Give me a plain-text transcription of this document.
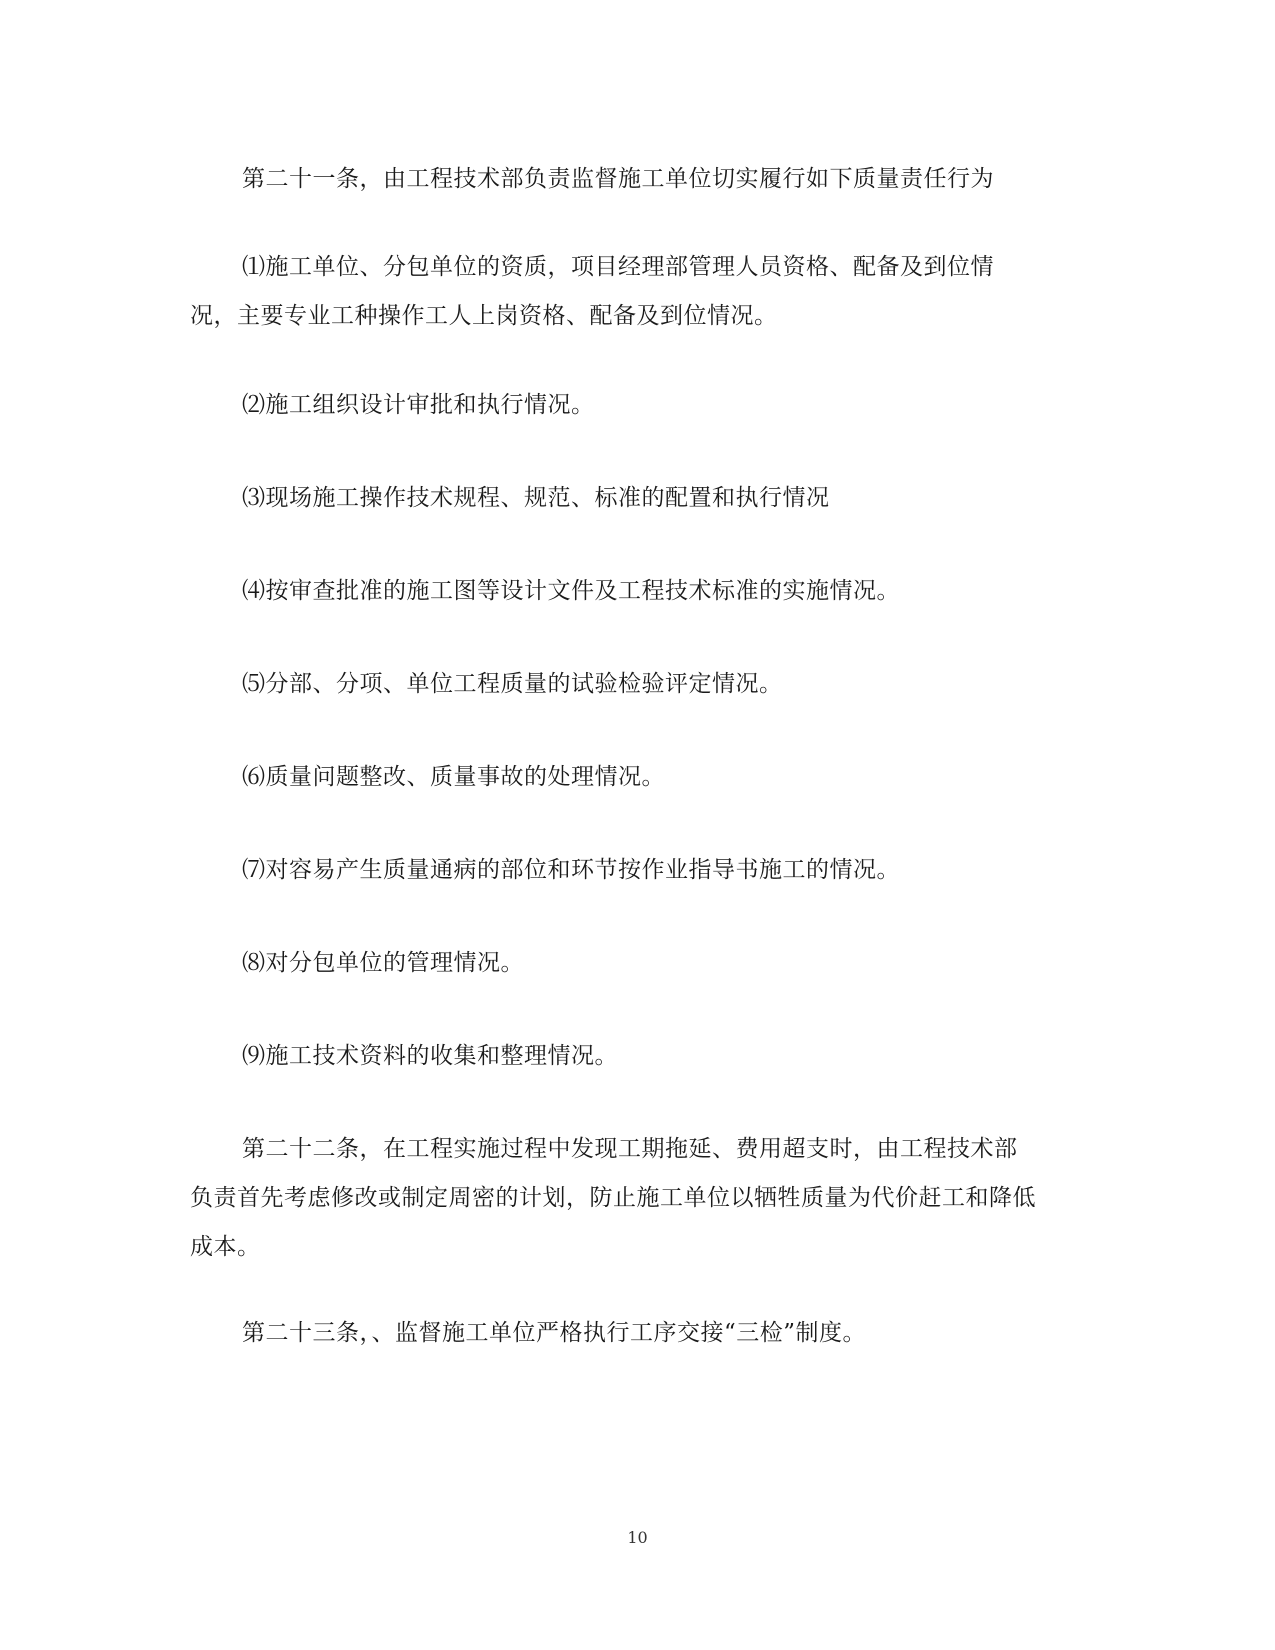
第二十一条，由工程技术部负责监督施工单位切实履行如下质量责任行为

⑴施工单位、分包单位的资质，项目经理部管理人员资格、配备及到位情况，主要专业工种操作工人上岗资格、配备及到位情况。

⑵施工组织设计审批和执行情况。

⑶现场施工操作技术规程、规范、标准的配置和执行情况

⑷按审查批准的施工图等设计文件及工程技术标准的实施情况。

⑸分部、分项、单位工程质量的试验检验评定情况。

⑹质量问题整改、质量事故的处理情况。

⑺对容易产生质量通病的部位和环节按作业指导书施工的情况。

⑻对分包单位的管理情况。

⑼施工技术资料的收集和整理情况。

第二十二条，在工程实施过程中发现工期拖延、费用超支时，由工程技术部负责首先考虑修改或制定周密的计划，防止施工单位以牺牲质量为代价赶工和降低成本。

第二十三条，、监督施工单位严格执行工序交接“三检”制度。

10
